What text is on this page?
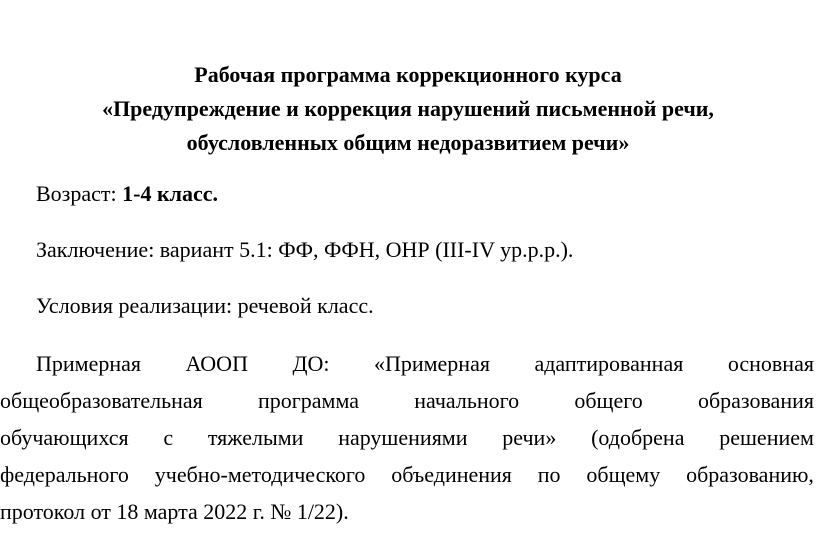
Рабочая программа коррекционного курса
«Предупреждение и коррекция нарушений письменной речи,
обусловленных общим недоразвитием речи»
Возраст: 1-4 класс.
Заключение: вариант 5.1: ФФ, ФФН, ОНР (III-IV ур.р.р.).
Условия реализации: речевой класс.
Примерная АООП ДО: «Примерная адаптированная основная
общеобразовательная	программа	начального	общего	образования
обучающихся с тяжелыми нарушениями речи» (одобрена решением
федерального учебно-методического объединения по общему образованию,
протокол от 18 марта 2022 г. № 1/22).
